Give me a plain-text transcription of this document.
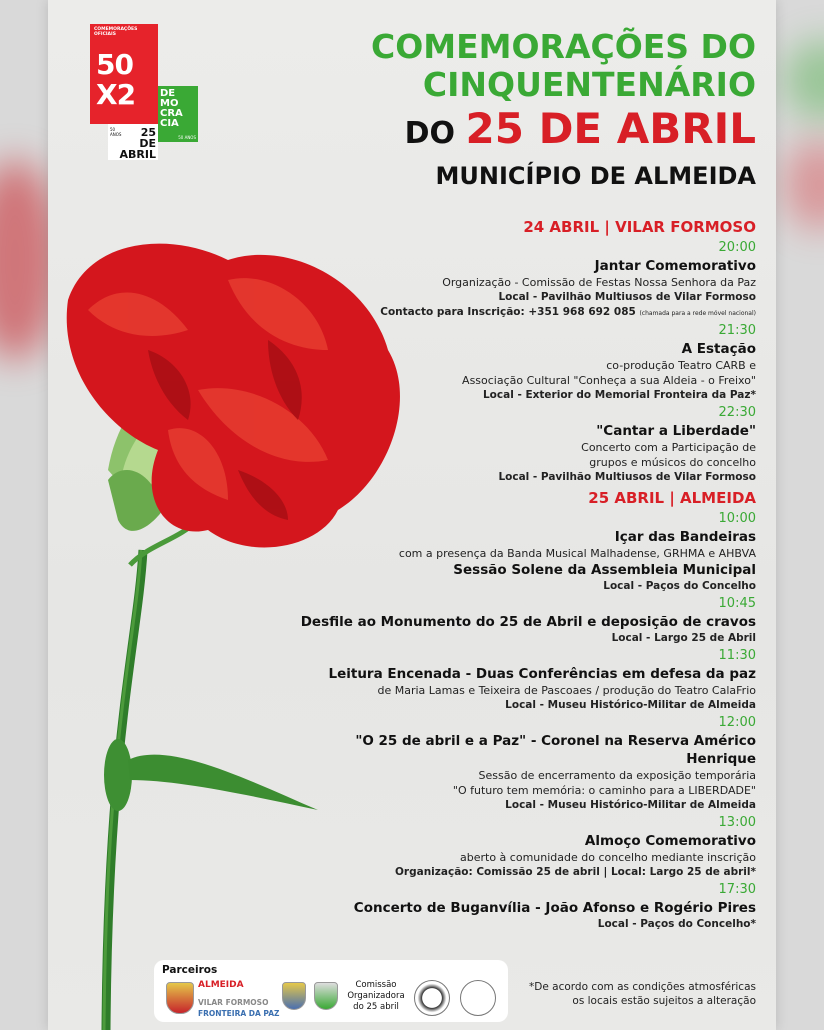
COMEMORAÇÕES OFICIAIS
50
X2 DE
MO
CRA
CIA
50 ANOS
50
ANOS	25
DE
ABRIL
COMEMORAÇÕES DO
CINQUENTENÁRIO
DO 25 DE ABRIL
MUNICÍPIO DE ALMEIDA
24 ABRIL | VILAR FORMOSO
20:00
Jantar Comemorativo
Organização - Comissão de Festas Nossa Senhora da Paz
Local - Pavilhão Multiusos de Vilar Formoso
Contacto para Inscrição: +351 968 692 085 (chamada para a rede móvel nacional)
21:30
A Estação
co-produção Teatro CARB e
Associação Cultural "Conheça a sua Aldeia - o Freixo"
Local - Exterior do Memorial Fronteira da Paz*
22:30
"Cantar a Liberdade"
Concerto com a Participação de
grupos e músicos do concelho
Local - Pavilhão Multiusos de Vilar Formoso
25 ABRIL | ALMEIDA
10:00
Içar das Bandeiras
com a presença da Banda Musical Malhadense, GRHMA e AHBVA
Sessão Solene da Assembleia Municipal
Local - Paços do Concelho
10:45
Desfile ao Monumento do 25 de Abril e deposição de cravos
Local - Largo 25 de Abril
11:30
Leitura Encenada - Duas Conferências em defesa da paz
de Maria Lamas e Teixeira de Pascoaes / produção do Teatro CalaFrio
Local - Museu Histórico-Militar de Almeida
12:00
"O 25 de abril e a Paz" - Coronel na Reserva Américo Henrique
Sessão de encerramento da exposição temporária
"O futuro tem memória: o caminho para a LIBERDADE"
Local - Museu Histórico-Militar de Almeida
13:00
Almoço Comemorativo
aberto à comunidade do concelho mediante inscrição
Organização: Comissão 25 de abril | Local: Largo 25 de abril*
17:30
Concerto de Buganvília - João Afonso e Rogério Pires
Local - Paços do Concelho*
Parceiros
ALMEIDA
VILAR FORMOSO
FRONTEIRA DA PAZ
Comissão
Organizadora
do 25 abril
*De acordo com as condições atmosféricas
os locais estão sujeitos a alteração
